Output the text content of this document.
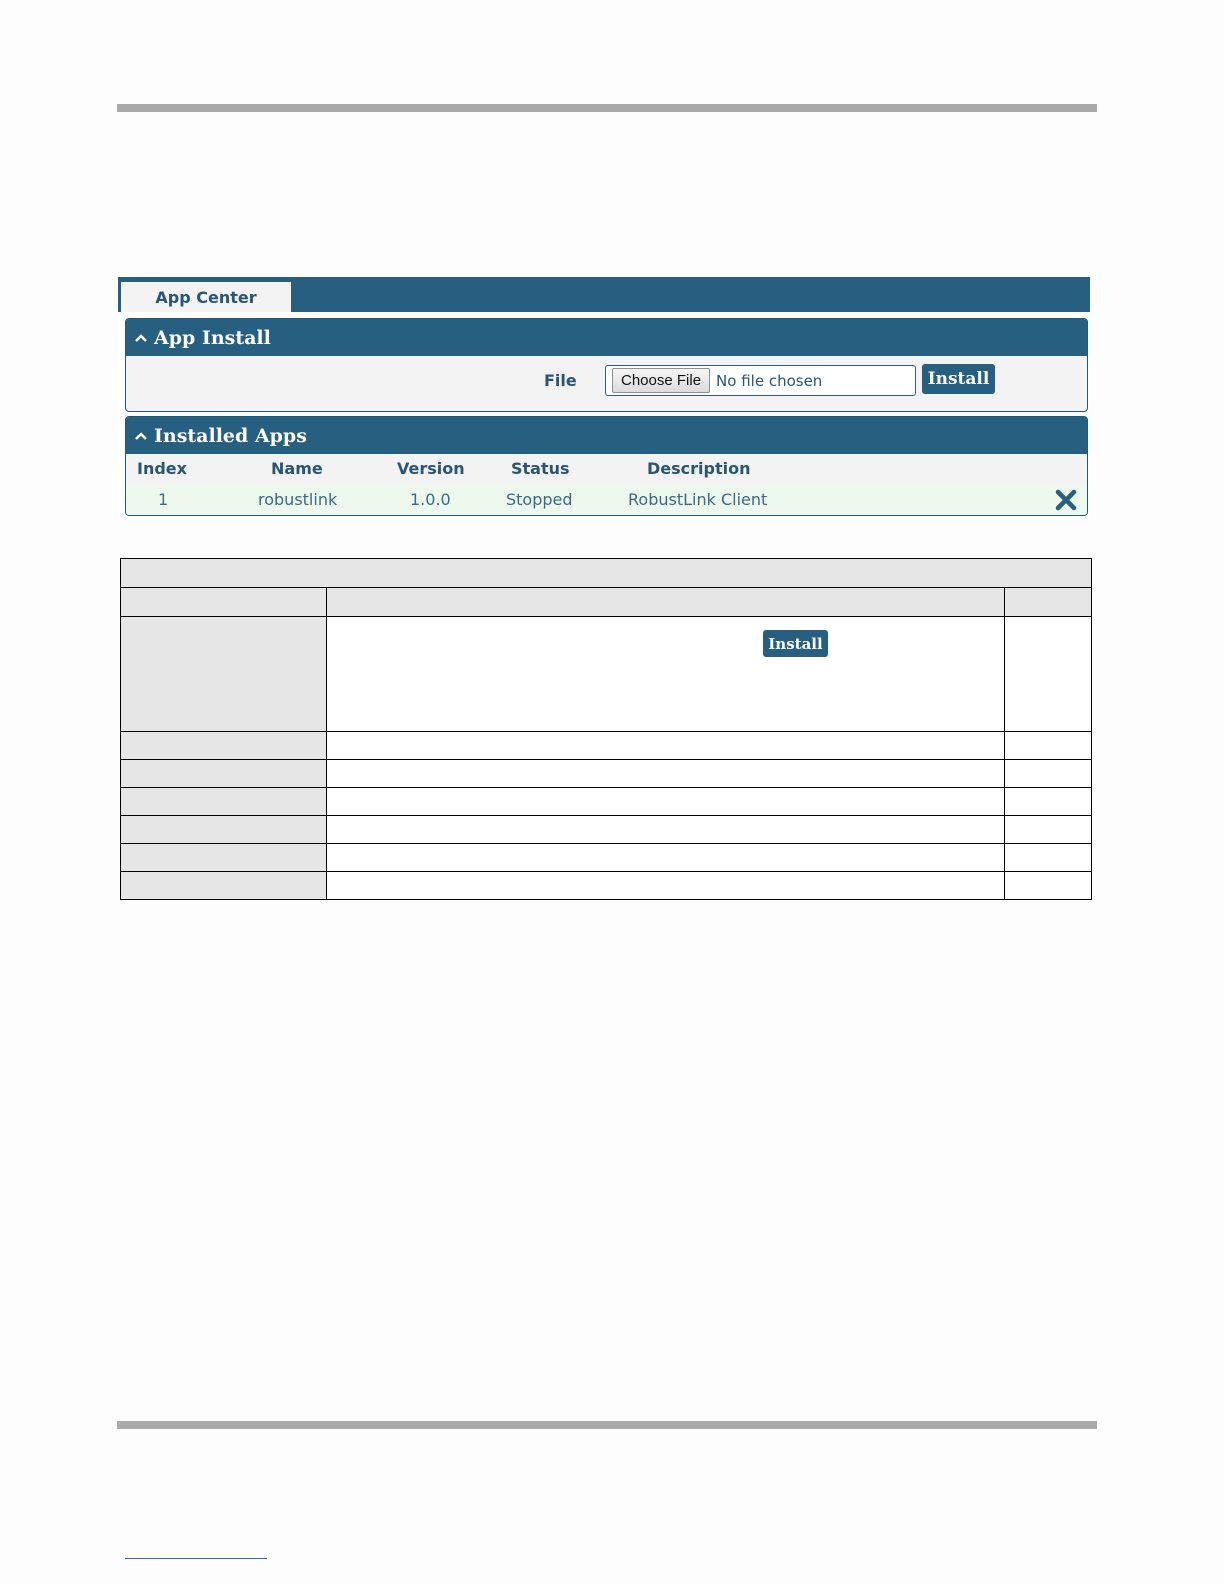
App Center
App Install
File	Choose File	No file chosen	Install
Installed Apps
Index	Name	Version	Status	Description
1	robustlink	1.0.0	Stopped	RobustLink Client

Install	
